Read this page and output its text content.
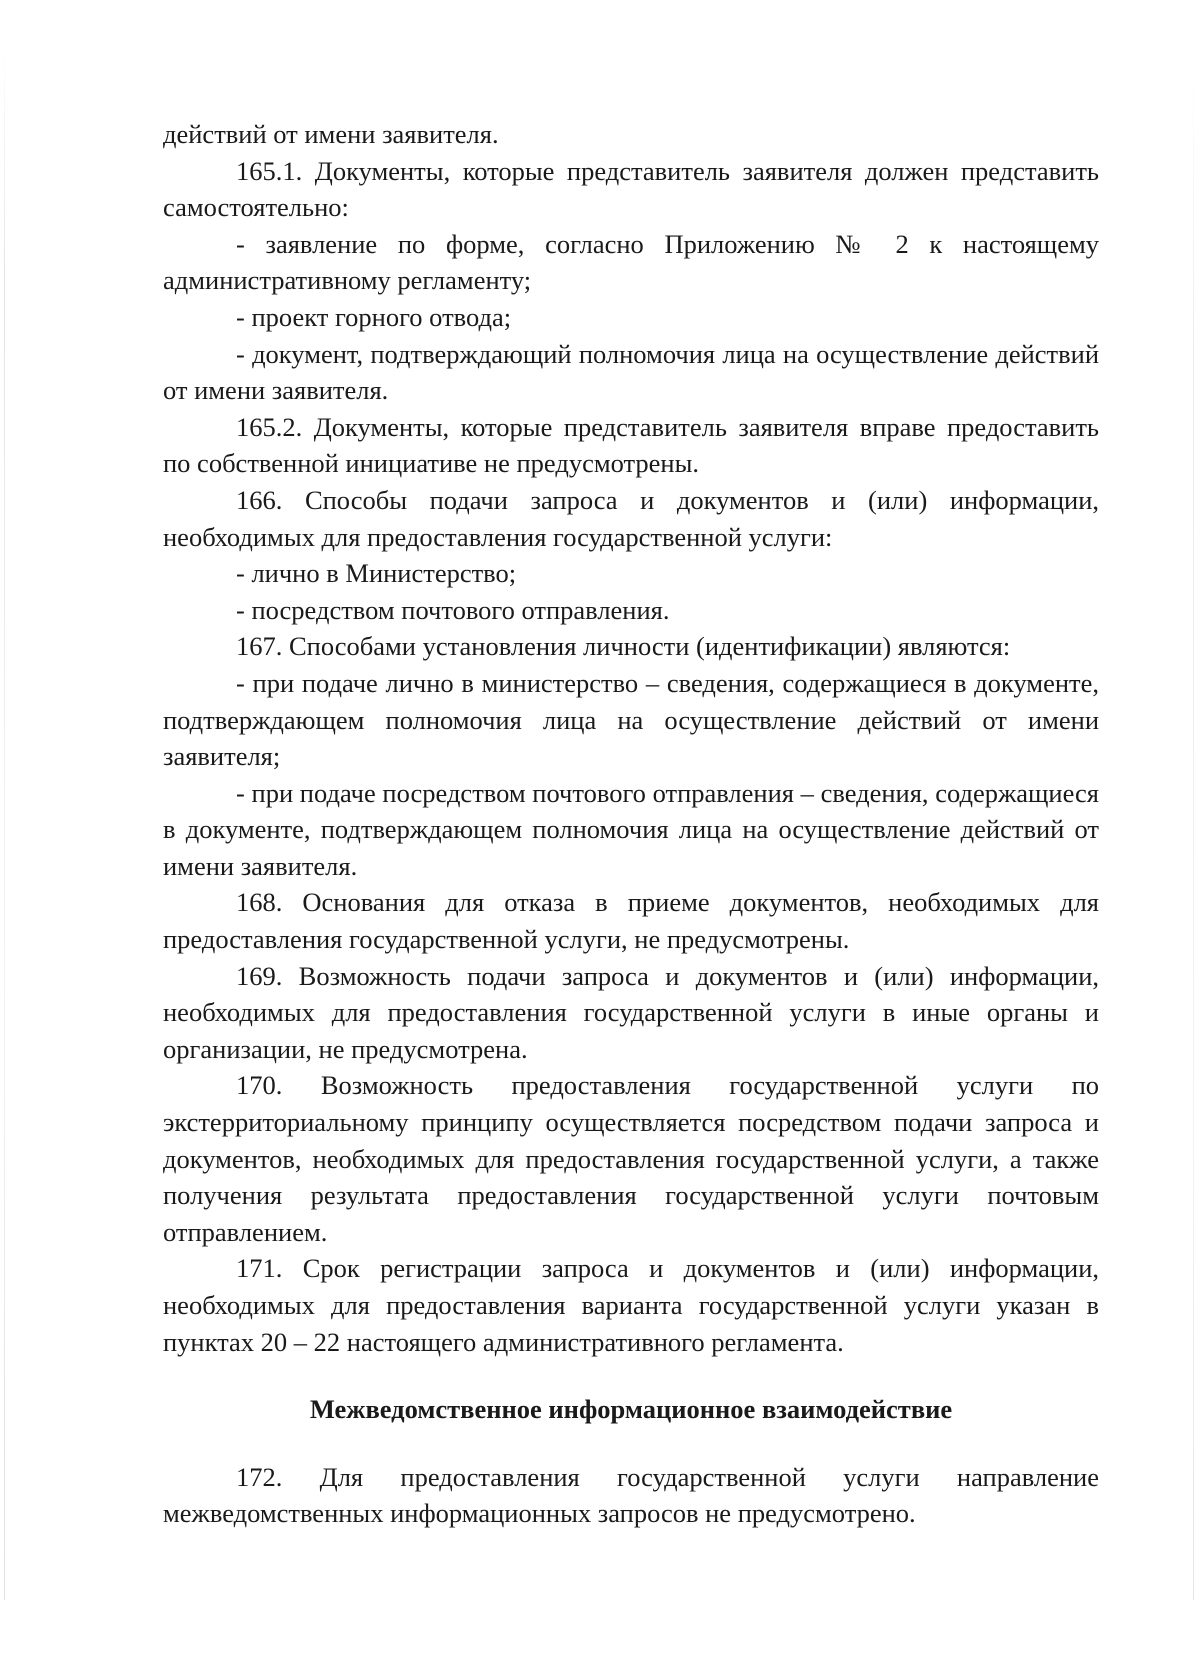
действий от имени заявителя.

165.1. Документы, которые представитель заявителя должен представить самостоятельно:

- заявление по форме, согласно Приложению № 2 к настоящему административному регламенту;

- проект горного отвода;

- документ, подтверждающий полномочия лица на осуществление действий от имени заявителя.

165.2. Документы, которые представитель заявителя вправе предоставить по собственной инициативе не предусмотрены.

166. Способы подачи запроса и документов и (или) информации, необходимых для предоставления государственной услуги:

- лично в Министерство;

- посредством почтового отправления.

167. Способами установления личности (идентификации) являются:

- при подаче лично в министерство – сведения, содержащиеся в документе, подтверждающем полномочия лица на осуществление действий от имени заявителя;

- при подаче посредством почтового отправления – сведения, содержащиеся в документе, подтверждающем полномочия лица на осуществление действий от имени заявителя.

168. Основания для отказа в приеме документов, необходимых для предоставления государственной услуги, не предусмотрены.

169. Возможность подачи запроса и документов и (или) информации, необходимых для предоставления государственной услуги в иные органы и организации, не предусмотрена.

170. Возможность предоставления государственной услуги по экстерриториальному принципу осуществляется посредством подачи запроса и документов, необходимых для предоставления государственной услуги, а также получения результата предоставления государственной услуги почтовым отправлением.

171. Срок регистрации запроса и документов и (или) информации, необходимых для предоставления варианта государственной услуги указан в пунктах 20 – 22 настоящего административного регламента.

Межведомственное информационное взаимодействие

172. Для предоставления государственной услуги направление межведомственных информационных запросов не предусмотрено.
